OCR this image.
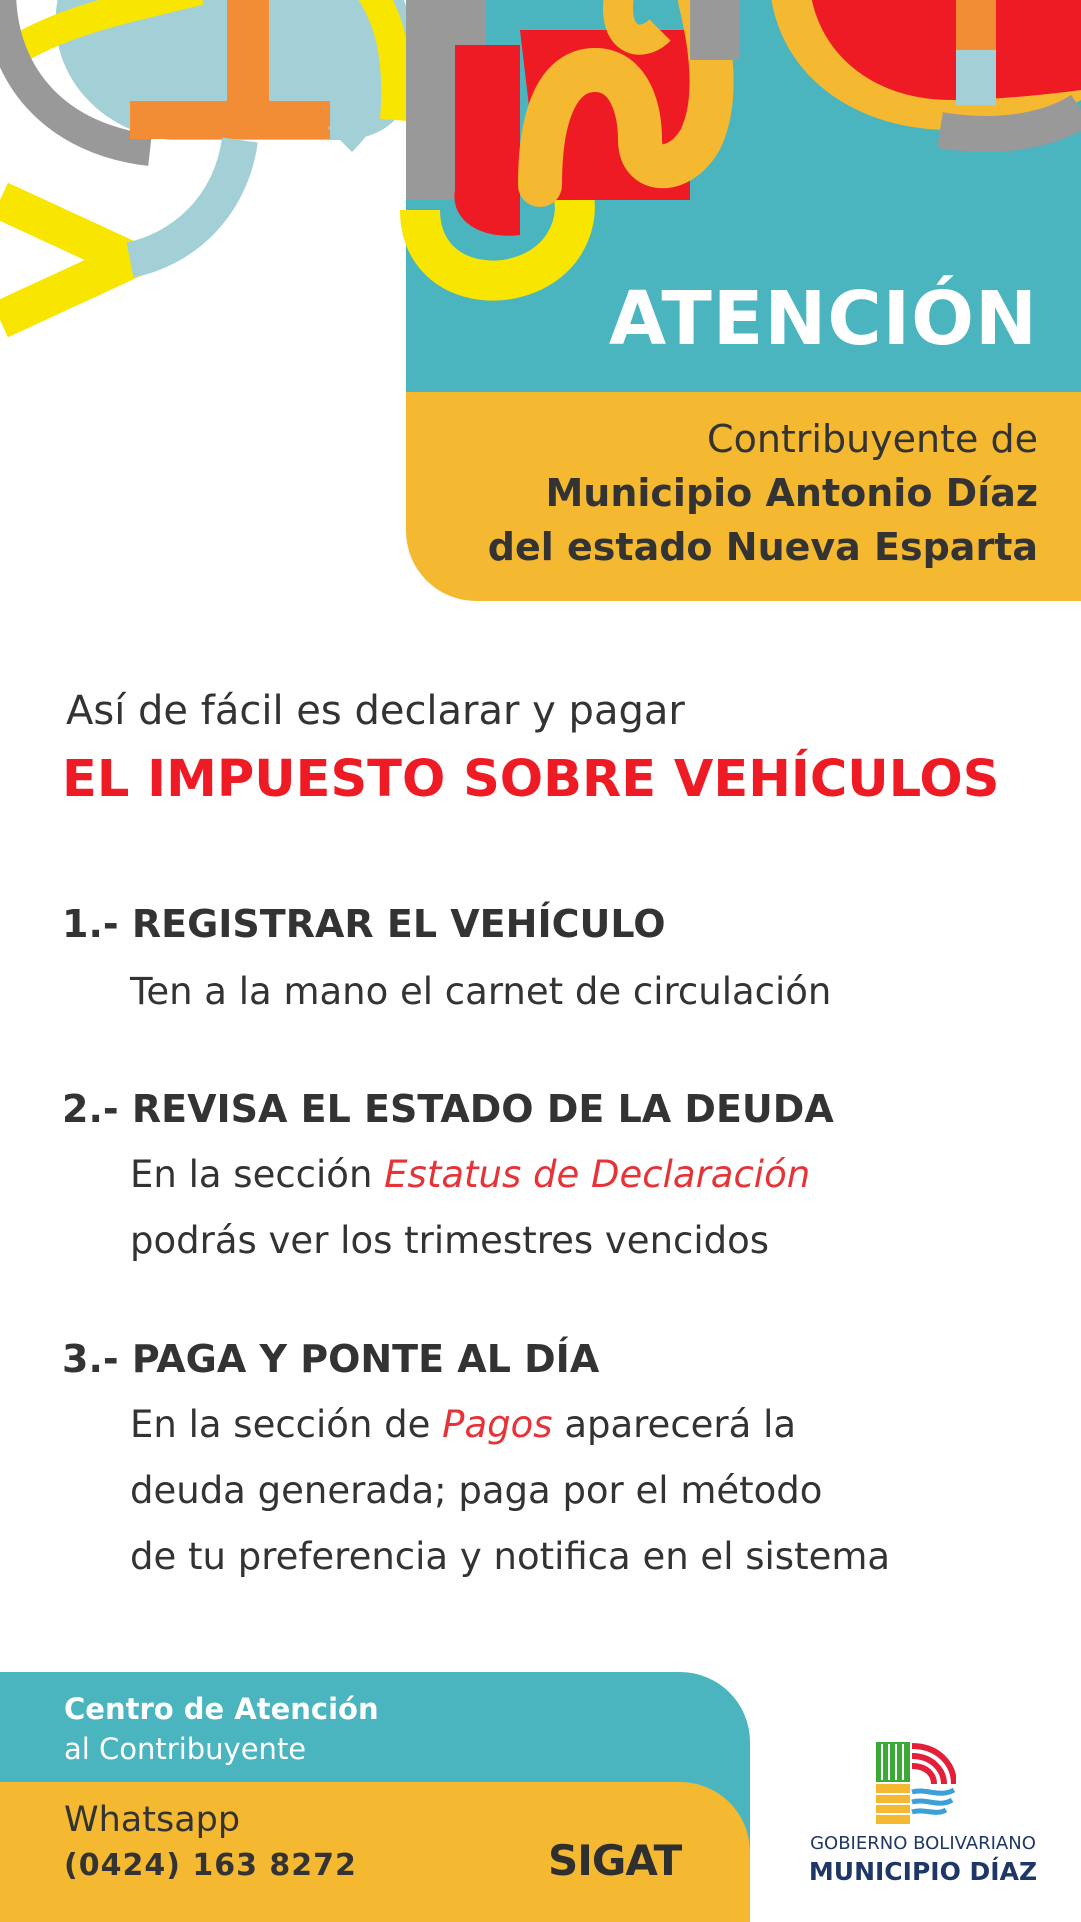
ATENCIÓN
Contribuyente de
Municipio Antonio Díaz
del estado Nueva Esparta
Así de fácil es declarar y pagar
EL IMPUESTO SOBRE VEHÍCULOS
1.- REGISTRAR EL VEHÍCULO
Ten a la mano el carnet de circulación
2.- REVISA EL ESTADO DE LA DEUDA
En la sección Estatus de Declaración
podrás ver los trimestres vencidos
3.- PAGA Y PONTE AL DÍA
En la sección de Pagos aparecerá la
deuda generada; paga por el método
de tu preferencia y notifica en el sistema
Centro de Atención
al Contribuyente
Whatsapp
(0424) 163 8272	SIGAT	GOBIERNO BOLIVARIANO
MUNICIPIO DÍAZ
